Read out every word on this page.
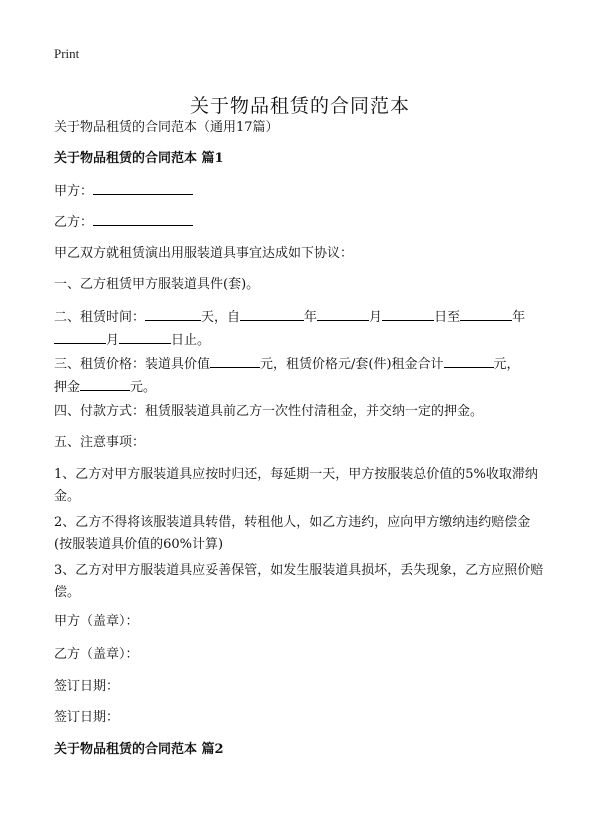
Print
关于物品租赁的合同范本
关于物品租赁的合同范本（通用17篇）
关于物品租赁的合同范本 篇1
甲方：
乙方：
甲乙双方就租赁演出用服装道具事宜达成如下协议：
一、乙方租赁甲方服装道具件(套)。
二、租赁时间：	天，自	年	月	日至	年
月	日止。
三、租赁价格：装道具价值	元，租赁价格元/套(件)租金合计	元，
押金	元。
四、付款方式：租赁服装道具前乙方一次性付清租金，并交纳一定的押金。
五、注意事项：
1、乙方对甲方服装道具应按时归还，每延期一天，甲方按服装总价值的5%收取滞纳金。
2、乙方不得将该服装道具转借，转租他人，如乙方违约，应向甲方缴纳违约赔偿金(按服装道具价值的60%计算)
3、乙方对甲方服装道具应妥善保管，如发生服装道具损坏，丢失现象，乙方应照价赔偿。
甲方（盖章）：
乙方（盖章）：
签订日期：
签订日期：
关于物品租赁的合同范本 篇2
